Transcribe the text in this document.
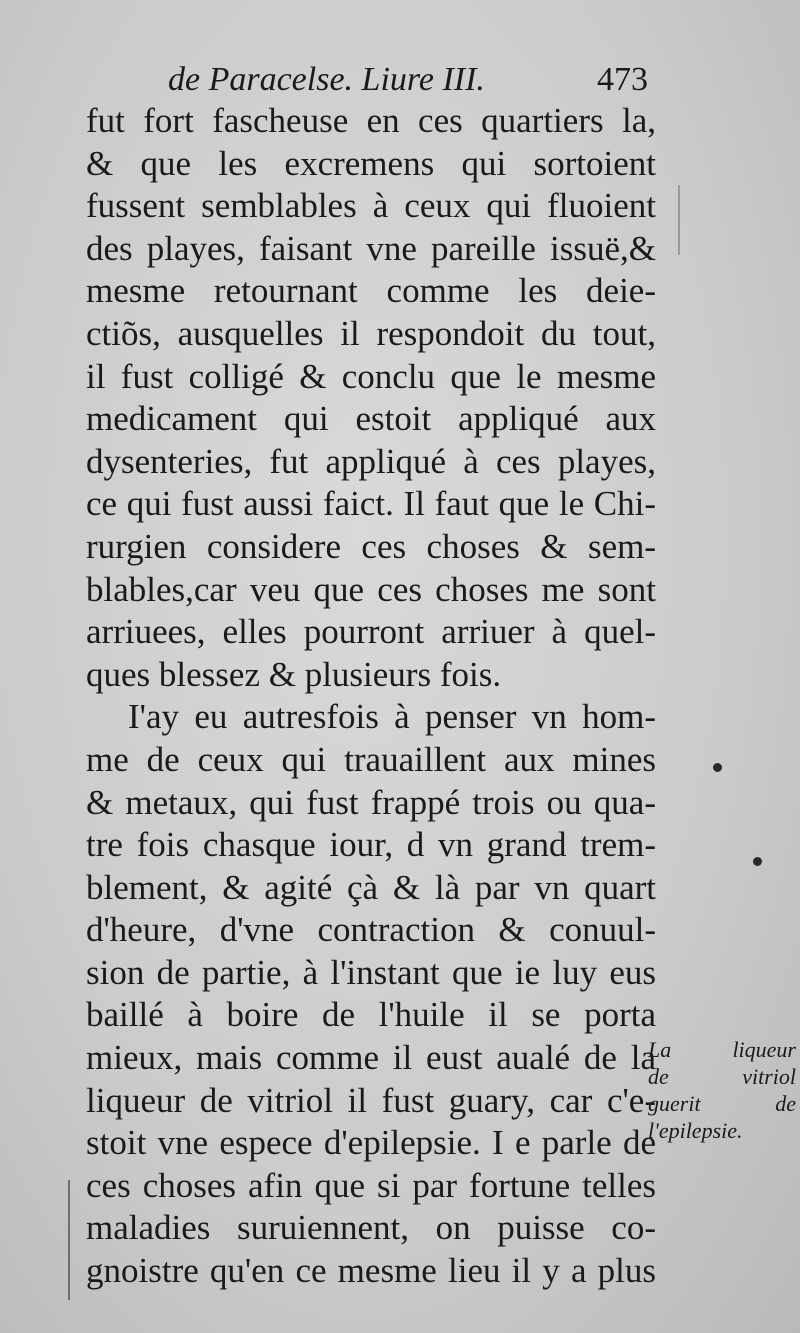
de Paracelse. Liure III.	473
fut fort fascheuse en ces quartiers la,
& que les excremens qui sortoient
fussent semblables à ceux qui fluoient
des playes, faisant vne pareille issuë,&
mesme retournant comme les deie-
ctiõs, ausquelles il respondoit du tout,
il fust colligé & conclu que le mesme
medicament qui estoit appliqué aux
dysenteries, fut appliqué à ces playes,
ce qui fust aussi faict. Il faut que le Chi-
rurgien considere ces choses & sem-
blables,car veu que ces choses me sont
arriuees, elles pourront arriuer à quel-
ques blessez & plusieurs fois.
I'ay eu autresfois à penser vn hom-
me de ceux qui trauaillent aux mines
& metaux, qui fust frappé trois ou qua-
tre fois chasque iour, d vn grand trem-
blement, & agité çà & là par vn quart
d'heure, d'vne contraction & conuul-
sion de partie, à l'instant que ie luy eus
baillé à boire de l'huile il se porta
mieux, mais comme il eust aualé de la
liqueur de vitriol il fust guary, car c'e-
stoit vne espece d'epilepsie. I e parle de
ces choses afin que si par fortune telles
maladies suruiennent, on puisse co-
gnoistre qu'en ce mesme lieu il y a plus
La liqueur
de vitriol
guerit de
l'epilepsie.
